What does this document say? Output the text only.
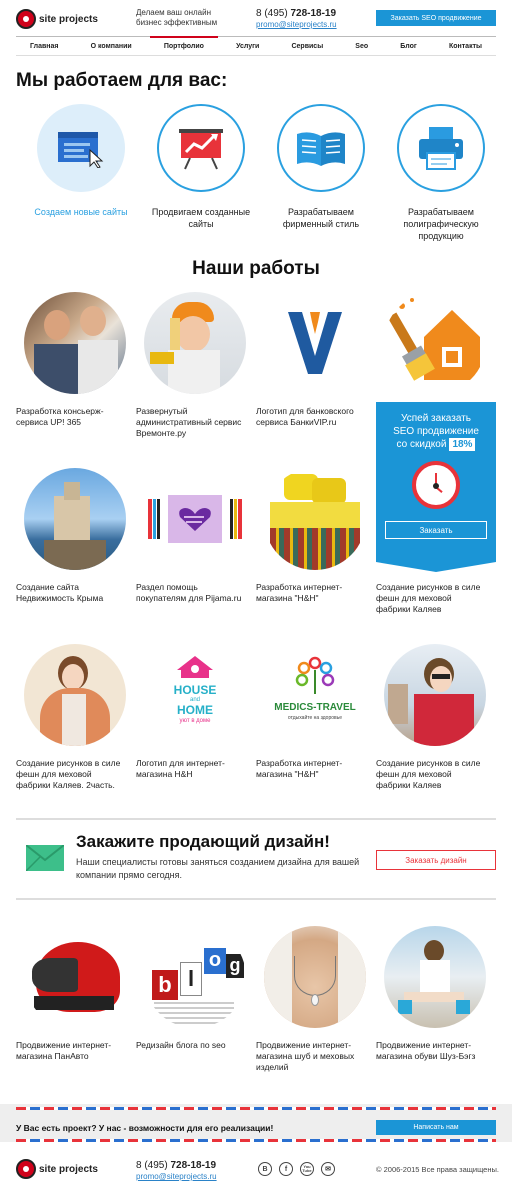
site projects
Делаем ваш онлайн
бизнес эффективным
8 (495) 728-18-19
promo@siteprojects.ru
Заказать SEO продвижение
Главная	О компании	Портфолио	Услуги	Сервисы	Seo	Блог	Контакты
Мы работаем для вас:
Создаем новые сайты	Продвигаем созданные сайты
Разрабатываем фирменный стиль
Разрабатываем полиграфическую продукцию
Наши работы
Разработка консьерж-сервиса UP! 365
Развернутый административный сервис Времонте.ру
Логотип для банковского сервиса БанкиVIP.ru
Создание сайта Недвижимость Крыма
Раздел помощь покупателям для Pijama.ru
Разработка интернет-магазина "H&H"
Создание рисунков в силе фешн для меховой фабрики Каляев
Успей заказать
SEO продвижение
со скидкой 18%
Заказать
Создание рисунков в силе фешн для меховой фабрики Каляев. 2часть.
HOUSE
and
HOME
уют в доме
Логотип для интернет-магазина H&H
MEDICS-TRAVEL
отдыхайте на здоровье
Разработка интернет-магазина "H&H"
Создание рисунков в силе фешн для меховой фабрики Каляев
Закажите продающий дизайн!
Наши специалисты готовы заняться созданием дизайна для вашей компании прямо сегодня.
Заказать дизайн
Продвижение интернет-магазина ПанАвто
b l
o g
Редизайн блога по seo	Продвижение интернет-магазина шуб и меховых изделий
Продвижение интернет-магазина обуви Шуз-Бэгз
У Вас есть проект? У нас - возможности для его реализации!	Написать нам
site projects	8 (495) 728-18-19
promo@siteprojects.ru
В	f	You Tube	✉	© 2006-2015 Все права защищены.
